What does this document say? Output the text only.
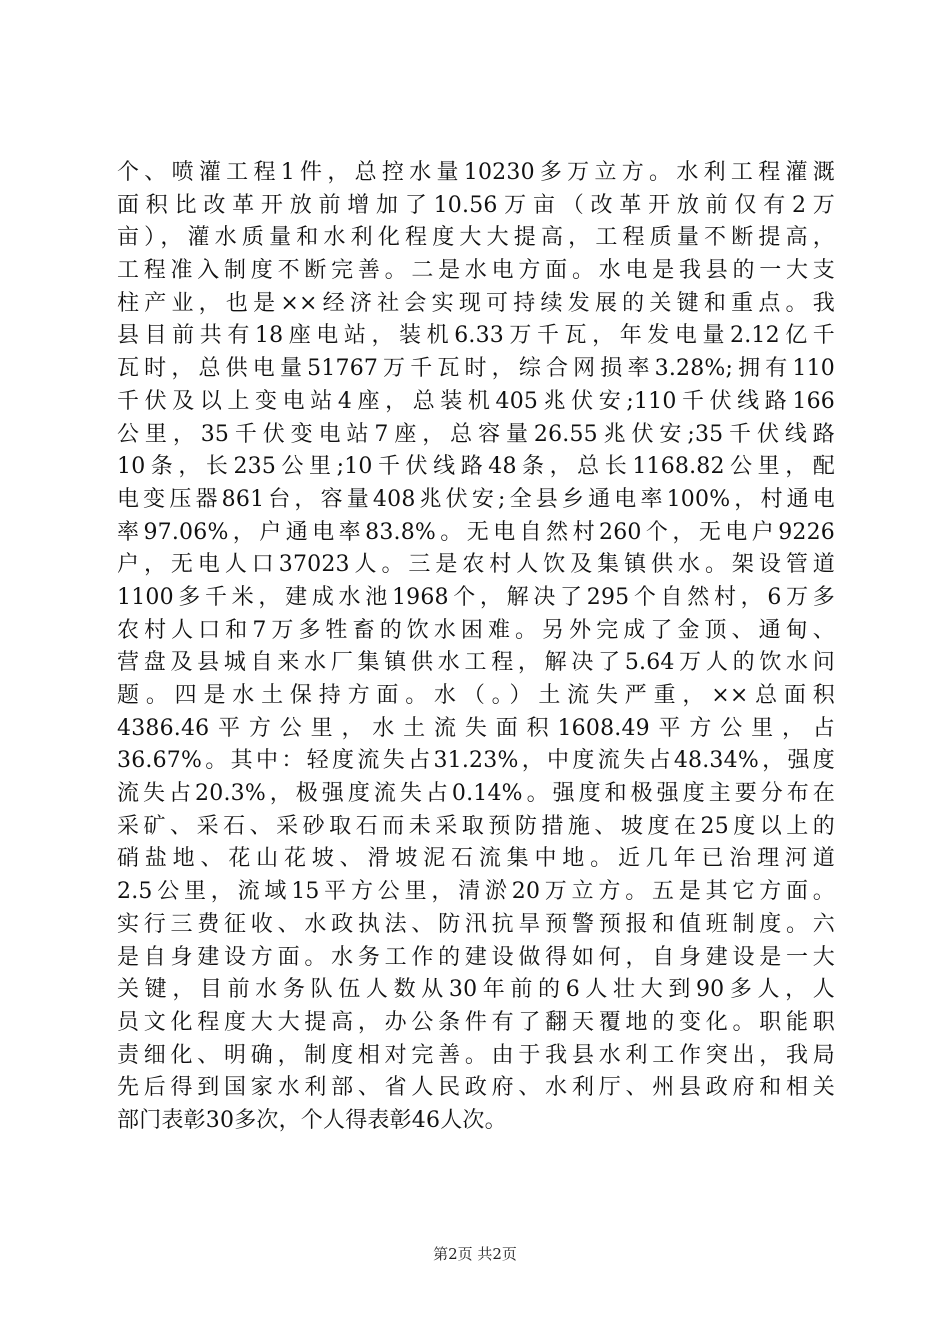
个、喷灌工程1件，总控水量10230多万立方。水利工程灌溉
面积比改革开放前增加了10.56万亩（改革开放前仅有2万
亩），灌水质量和水利化程度大大提高，工程质量不断提高，
工程准入制度不断完善。二是水电方面。水电是我县的一大支
柱产业，也是××经济社会实现可持续发展的关键和重点。我
县目前共有18座电站，装机6.33万千瓦，年发电量2.12亿千
瓦时，总供电量51767万千瓦时，综合网损率3.28%;拥有110
千伏及以上变电站4座，总装机405兆伏安;110千伏线路166
公里，35千伏变电站7座，总容量26.55兆伏安;35千伏线路
10条，长235公里;10千伏线路48条，总长1168.82公里，配
电变压器861台，容量408兆伏安;全县乡通电率100%，村通电
率97.06%，户通电率83.8%。无电自然村260个，无电户9226
户，无电人口37023人。三是农村人饮及集镇供水。架设管道
1100多千米，建成水池1968个，解决了295个自然村，6万多
农村人口和7万多牲畜的饮水困难。另外完成了金顶、通甸、
营盘及县城自来水厂集镇供水工程，解决了5.64万人的饮水问
题。四是水土保持方面。水（。）土流失严重，××总面积
4386.46平方公里，水土流失面积1608.49平方公里，占
36.67%。其中：轻度流失占31.23%，中度流失占48.34%，强度
流失占20.3%，极强度流失占0.14%。强度和极强度主要分布在
采矿、采石、采砂取石而未采取预防措施、坡度在25度以上的
硝盐地、花山花坡、滑坡泥石流集中地。近几年已治理河道
2.5公里，流域15平方公里，清淤20万立方。五是其它方面。
实行三费征收、水政执法、防汛抗旱预警预报和值班制度。六
是自身建设方面。水务工作的建设做得如何，自身建设是一大
关键，目前水务队伍人数从30年前的6人壮大到90多人，人
员文化程度大大提高，办公条件有了翻天覆地的变化。职能职
责细化、明确，制度相对完善。由于我县水利工作突出，我局
先后得到国家水利部、省人民政府、水利厅、州县政府和相关
部门表彰30多次，个人得表彰46人次。
第2页 共2页
